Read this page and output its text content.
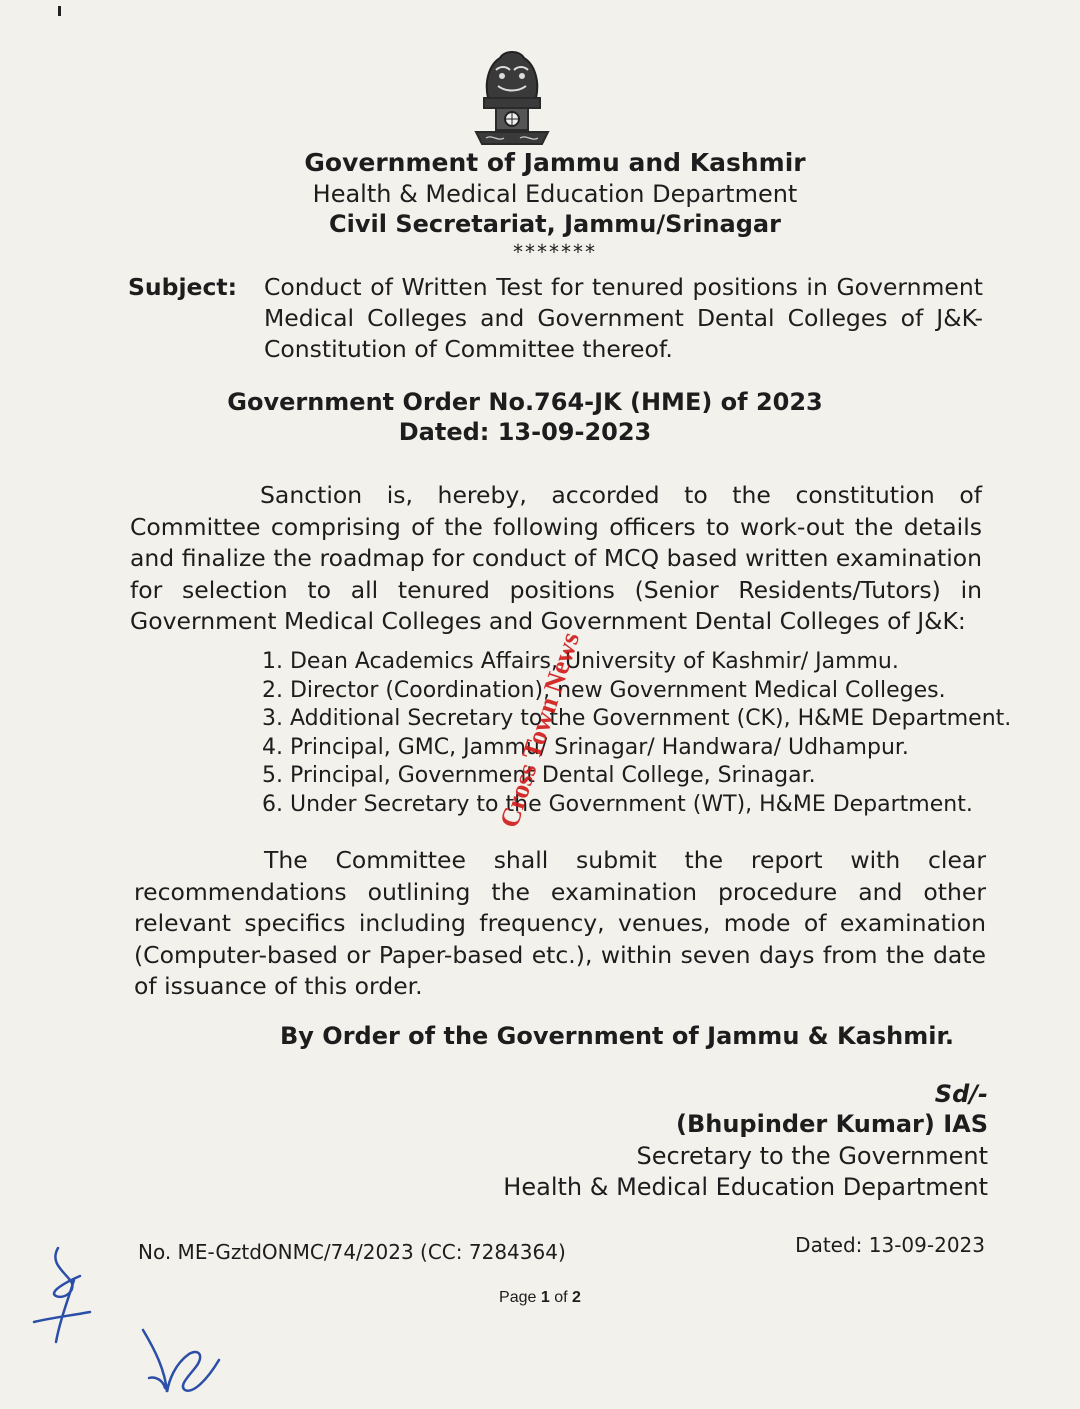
Government of Jammu and Kashmir
Health & Medical Education Department
Civil Secretariat, Jammu/Srinagar
*******
Subject: Conduct of Written Test for tenured positions in Government Medical Colleges and Government Dental Colleges of J&K-Constitution of Committee thereof.
Government Order No.764-JK (HME) of 2023
Dated: 13-09-2023
Sanction is, hereby, accorded to the constitution of Committee comprising of the following officers to work-out the details and finalize the roadmap for conduct of MCQ based written examination for selection to all tenured positions (Senior Residents/Tutors) in Government Medical Colleges and Government Dental Colleges of J&K:
1. Dean Academics Affairs, University of Kashmir/ Jammu.
2. Director (Coordination), new Government Medical Colleges.
3. Additional Secretary to the Government (CK), H&ME Department.
4. Principal, GMC, Jammu/ Srinagar/ Handwara/ Udhampur.
5. Principal, Government Dental College, Srinagar.
6. Under Secretary to the Government (WT), H&ME Department.
The Committee shall submit the report with clear recommendations outlining the examination procedure and other relevant specifics including frequency, venues, mode of examination (Computer-based or Paper-based etc.), within seven days from the date of issuance of this order.
By Order of the Government of Jammu & Kashmir.
Sd/-
(Bhupinder Kumar) IAS
Secretary to the Government
Health & Medical Education Department
No. ME-GztdONMC/74/2023 (CC: 7284364)	Dated: 13-09-2023
Page 1 of 2
Cross Town News
